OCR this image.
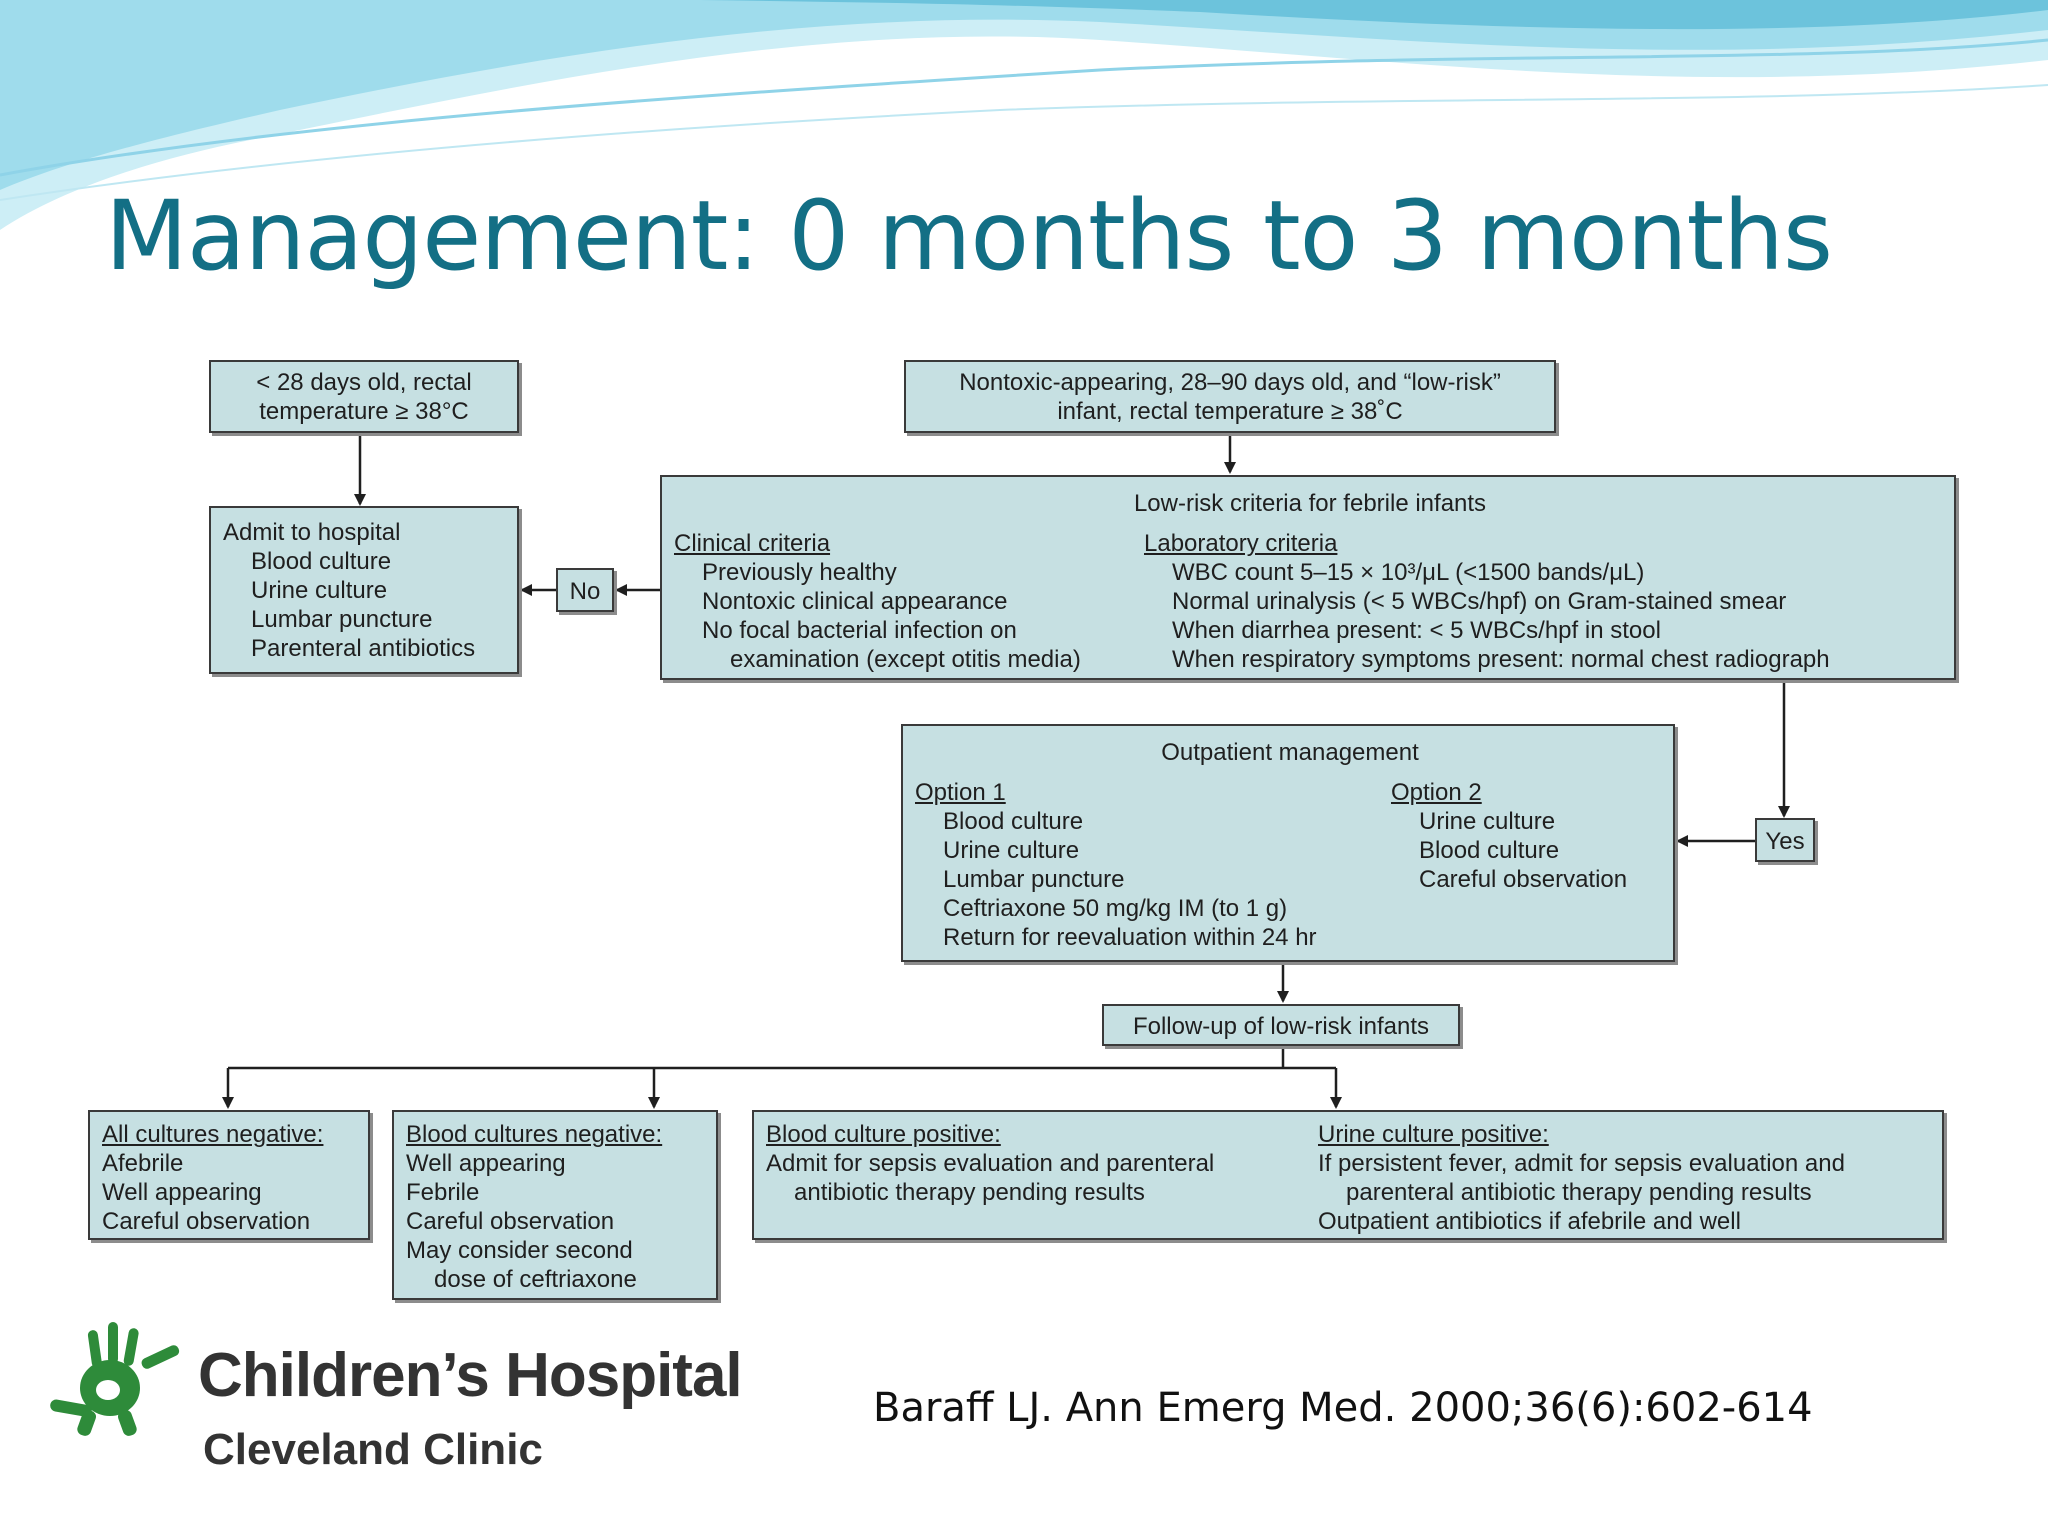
Management: 0 months to 3 months
< 28 days old, rectal
temperature ≥ 38°C
Nontoxic-appearing, 28–90 days old, and “low-risk”
infant, rectal temperature ≥ 38˚C
Admit to hospital
Blood culture
Urine culture
Lumbar puncture
Parenteral antibiotics
No
Low-risk criteria for febrile infants
Clinical criteria
Previously healthy
Nontoxic clinical appearance
No focal bacterial infection on
examination (except otitis media)
Laboratory criteria
WBC count 5–15 × 10³/μL (<1500 bands/μL)
Normal urinalysis (< 5 WBCs/hpf) on Gram-stained smear
When diarrhea present: < 5 WBCs/hpf in stool
When respiratory symptoms present: normal chest radiograph
Outpatient management
Option 1
Blood culture
Urine culture
Lumbar puncture
Ceftriaxone 50 mg/kg IM (to 1 g)
Return for reevaluation within 24 hr
Option 2
Urine culture
Blood culture
Careful observation
Yes
Follow-up of low-risk infants
All cultures negative:
Afebrile
Well appearing
Careful observation
Blood cultures negative:
Well appearing
Febrile
Careful observation
May consider second
dose of ceftriaxone
Blood culture positive:
Admit for sepsis evaluation and parenteral
antibiotic therapy pending results
Urine culture positive:
If persistent fever, admit for sepsis evaluation and
parenteral antibiotic therapy pending results
Outpatient antibiotics if afebrile and well
Children’s Hospital
Cleveland Clinic
Baraff LJ. Ann Emerg Med. 2000;36(6):602-614
